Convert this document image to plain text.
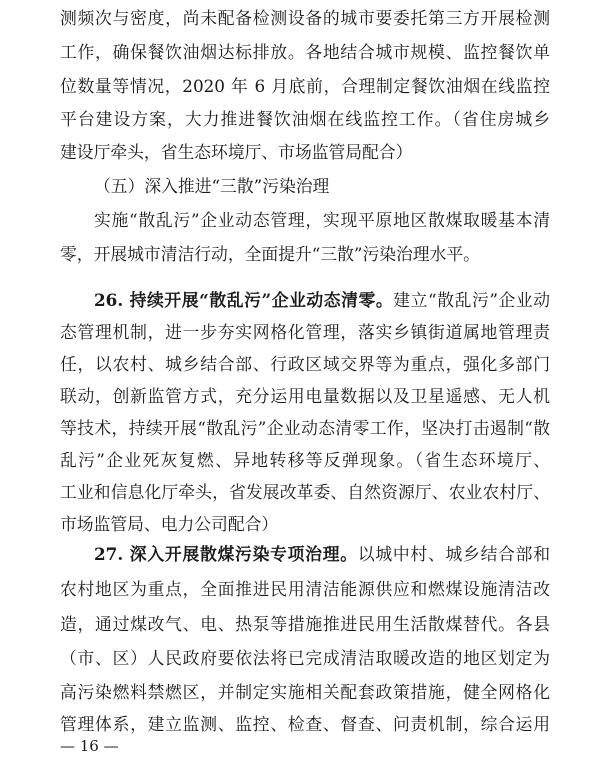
测频次与密度，尚未配备检测设备的城市要委托第三方开展检测
工作，确保餐饮油烟达标排放。各地结合城市规模、监控餐饮单
位数量等情况，2020 年 6 月底前，合理制定餐饮油烟在线监控
平台建设方案，大力推进餐饮油烟在线监控工作。（省住房城乡
建设厅牵头，省生态环境厅、市场监管局配合）
（五）深入推进“三散”污染治理
实施“散乱污”企业动态管理，实现平原地区散煤取暖基本清
零，开展城市清洁行动，全面提升“三散”污染治理水平。
26. 持续开展“散乱污”企业动态清零。建立“散乱污”企业动
态管理机制，进一步夯实网格化管理，落实乡镇街道属地管理责
任，以农村、城乡结合部、行政区域交界等为重点，强化多部门
联动，创新监管方式，充分运用电量数据以及卫星遥感、无人机
等技术，持续开展“散乱污”企业动态清零工作，坚决打击遏制“散
乱污”企业死灰复燃、异地转移等反弹现象。（省生态环境厅、
工业和信息化厅牵头，省发展改革委、自然资源厅、农业农村厅、
市场监管局、电力公司配合）
27. 深入开展散煤污染专项治理。以城中村、城乡结合部和
农村地区为重点，全面推进民用清洁能源供应和燃煤设施清洁改
造，通过煤改气、电、热泵等措施推进民用生活散煤替代。各县
（市、区）人民政府要依法将已完成清洁取暖改造的地区划定为
高污染燃料禁燃区，并制定实施相关配套政策措施，健全网格化
管理体系，建立监测、监控、检查、督查、问责机制，综合运用
— 16 —
